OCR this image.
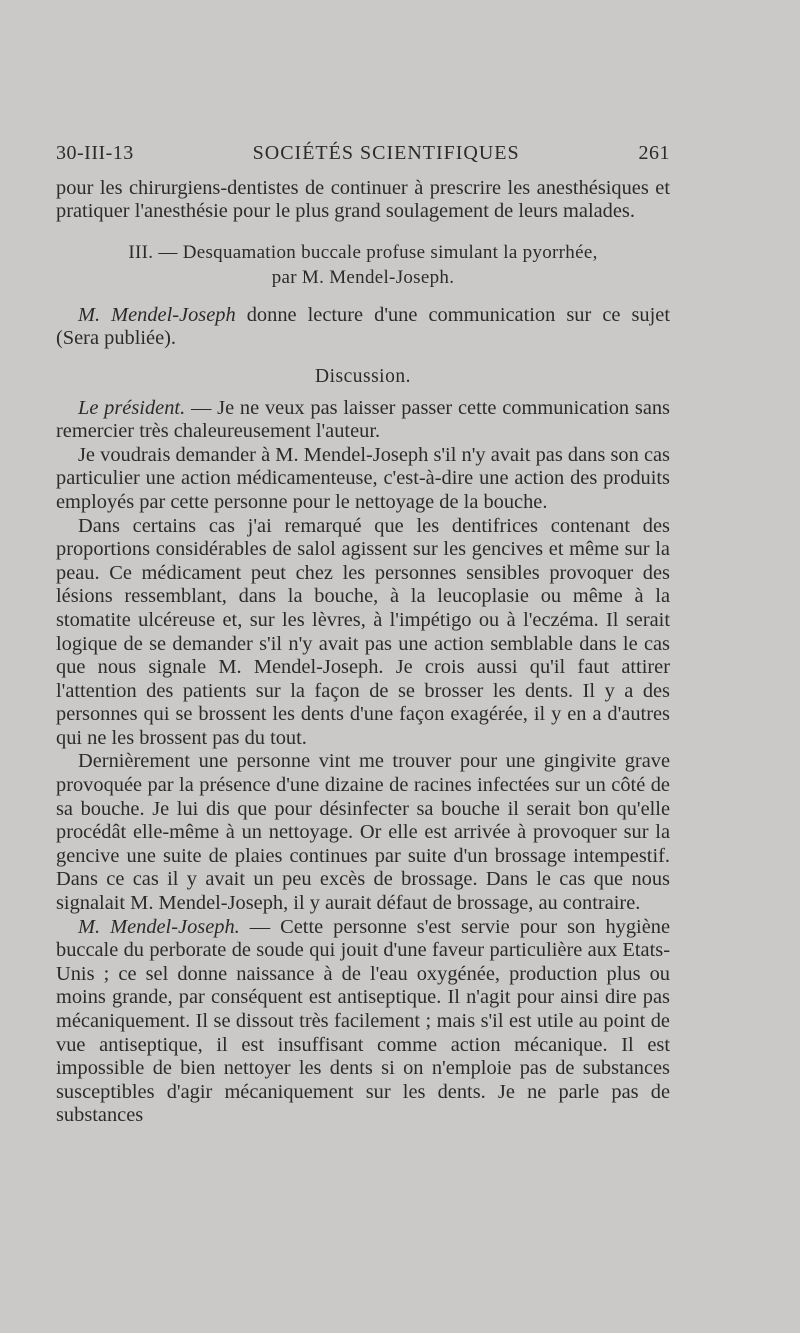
30-III-13	SOCIÉTÉS SCIENTIFIQUES	261

pour les chirurgiens-dentistes de continuer à prescrire les anesthésiques et pratiquer l'anesthésie pour le plus grand soulagement de leurs malades.

III. — Desquamation buccale profuse simulant la pyorrhée,
par M. Mendel-Joseph.

M. Mendel-Joseph donne lecture d'une communication sur ce sujet (Sera publiée).

Discussion.

Le président. — Je ne veux pas laisser passer cette communication sans remercier très chaleureusement l'auteur.

Je voudrais demander à M. Mendel-Joseph s'il n'y avait pas dans son cas particulier une action médicamenteuse, c'est-à-dire une action des produits employés par cette personne pour le nettoyage de la bouche.

Dans certains cas j'ai remarqué que les dentifrices contenant des proportions considérables de salol agissent sur les gencives et même sur la peau. Ce médicament peut chez les personnes sensibles provoquer des lésions ressemblant, dans la bouche, à la leucoplasie ou même à la stomatite ulcéreuse et, sur les lèvres, à l'impétigo ou à l'eczéma. Il serait logique de se demander s'il n'y avait pas une action semblable dans le cas que nous signale M. Mendel-Joseph. Je crois aussi qu'il faut attirer l'attention des patients sur la façon de se brosser les dents. Il y a des personnes qui se brossent les dents d'une façon exagérée, il y en a d'autres qui ne les brossent pas du tout.

Dernièrement une personne vint me trouver pour une gingivite grave provoquée par la présence d'une dizaine de racines infectées sur un côté de sa bouche. Je lui dis que pour désinfecter sa bouche il serait bon qu'elle procédât elle-même à un nettoyage. Or elle est arrivée à provoquer sur la gencive une suite de plaies continues par suite d'un brossage intempestif. Dans ce cas il y avait un peu excès de brossage. Dans le cas que nous signalait M. Mendel-Joseph, il y aurait défaut de brossage, au contraire.

M. Mendel-Joseph. — Cette personne s'est servie pour son hygiène buccale du perborate de soude qui jouit d'une faveur particulière aux Etats-Unis ; ce sel donne naissance à de l'eau oxygénée, production plus ou moins grande, par conséquent est antiseptique. Il n'agit pour ainsi dire pas mécaniquement. Il se dissout très facilement ; mais s'il est utile au point de vue antiseptique, il est insuffisant comme action mécanique. Il est impossible de bien nettoyer les dents si on n'emploie pas de substances susceptibles d'agir mécaniquement sur les dents. Je ne parle pas de substances
